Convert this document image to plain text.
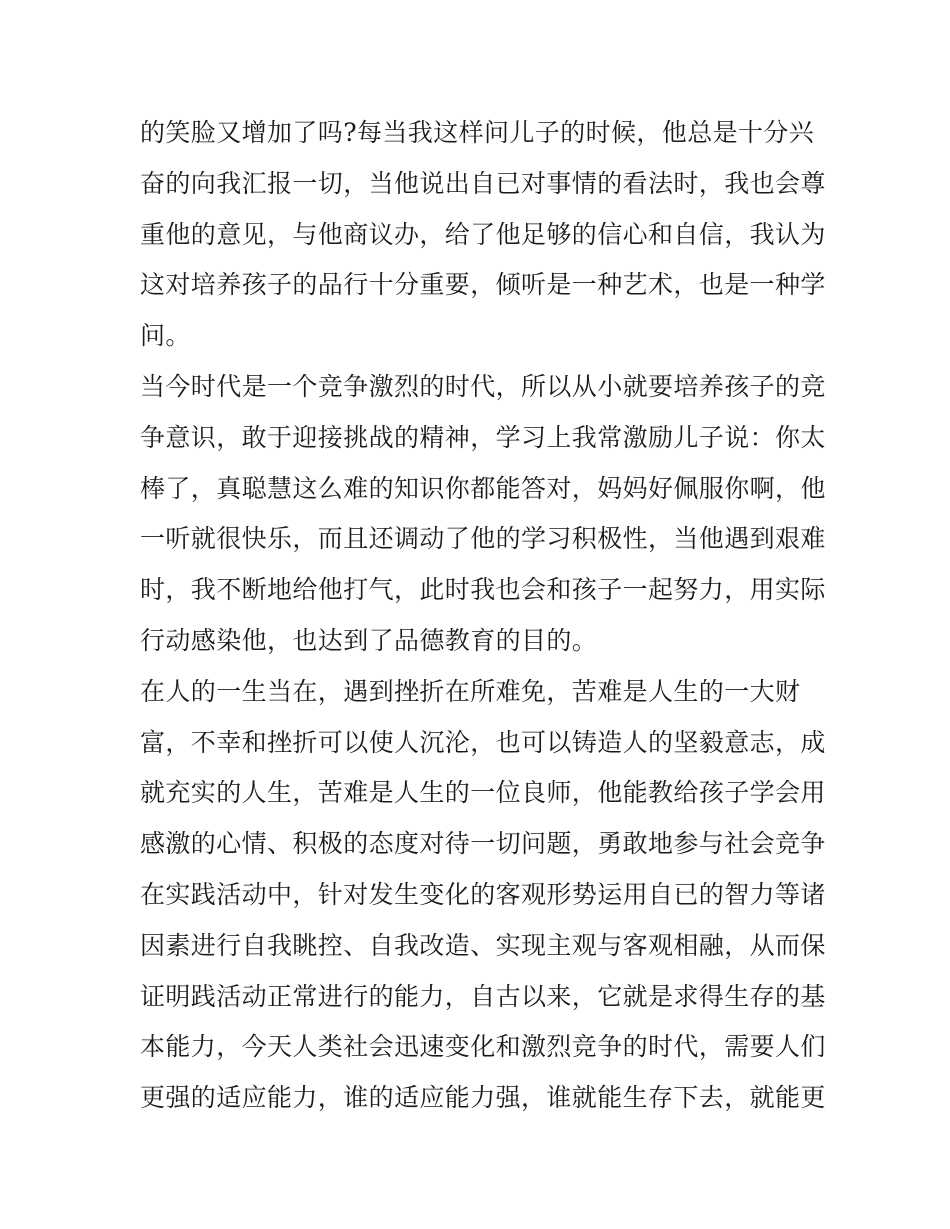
的笑脸又增加了吗?每当我这样问儿子的时候，他总是十分兴
奋的向我汇报一切，当他说出自已对事情的看法时，我也会尊
重他的意见，与他商议办，给了他足够的信心和自信，我认为
这对培养孩子的品行十分重要，倾听是一种艺术，也是一种学
问。
当今时代是一个竞争激烈的时代，所以从小就要培养孩子的竞
争意识，敢于迎接挑战的精神，学习上我常激励儿子说：你太
棒了，真聪慧这么难的知识你都能答对，妈妈好佩服你啊，他
一听就很快乐，而且还调动了他的学习积极性，当他遇到艰难
时，我不断地给他打气，此时我也会和孩子一起努力，用实际
行动感染他，也达到了品德教育的目的。
在人的一生当在，遇到挫折在所难免，苦难是人生的一大财
富，不幸和挫折可以使人沉沦，也可以铸造人的坚毅意志，成
就充实的人生，苦难是人生的一位良师，他能教给孩子学会用
感激的心情、积极的态度对待一切问题，勇敢地参与社会竞争
在实践活动中，针对发生变化的客观形势运用自已的智力等诸
因素进行自我眺控、自我改造、实现主观与客观相融，从而保
证明践活动正常进行的能力，自古以来，它就是求得生存的基
本能力，今天人类社会迅速变化和激烈竞争的时代，需要人们
更强的适应能力，谁的适应能力强，谁就能生存下去，就能更
